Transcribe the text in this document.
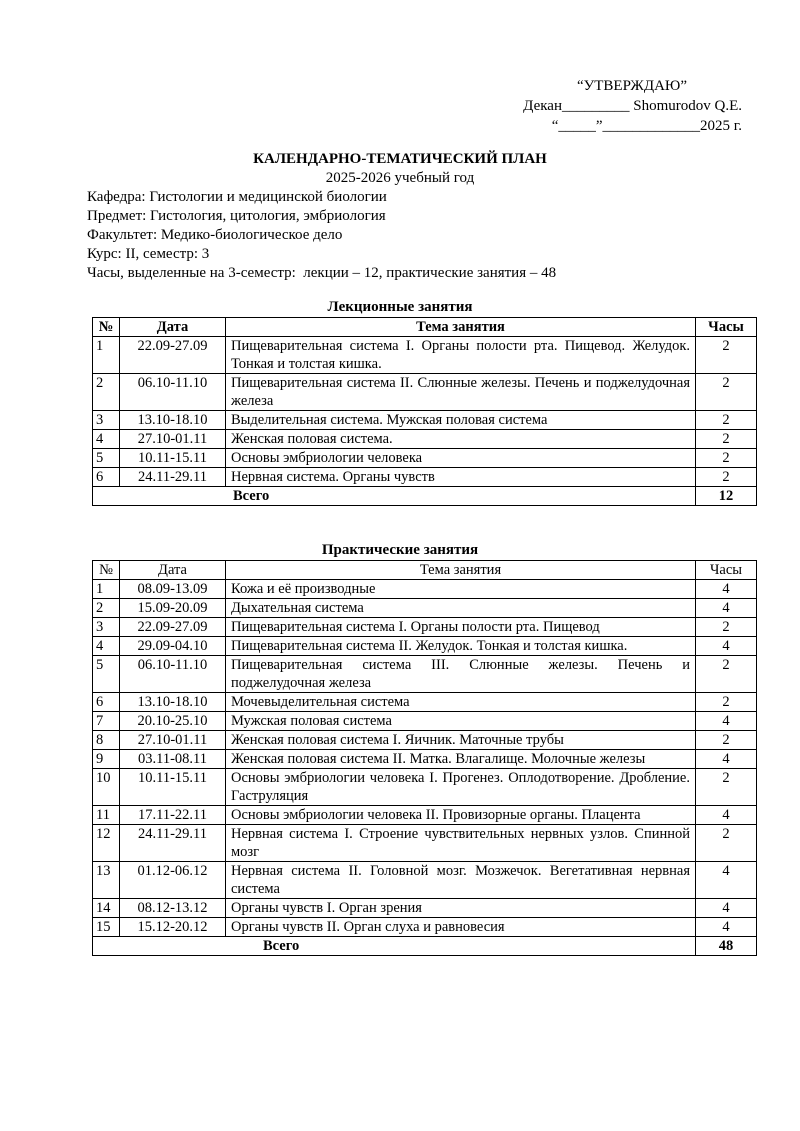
“УТВЕРЖДАЮ”
Декан_________ Shomurodov Q.E.
“_____”_____________2025 г.
КАЛЕНДАРНО-ТЕМАТИЧЕСКИЙ ПЛАН
2025-2026 учебный год
Кафедра: Гистологии и медицинской биологии
Предмет: Гистология, цитология, эмбриология
Факультет: Медико-биологическое дело
Курс: II, семестр: 3
Часы, выделенные на 3-семестр:  лекции – 12, практические занятия – 48
Лекционные занятия
№	Дата	Тема занятия	Часы
1	22.09-27.09	Пищеварительная система I. Органы полости рта. Пищевод. Желудок. Тонкая и толстая кишка.	2
2	06.10-11.10	Пищеварительная система II. Слюнные железы. Печень и поджелудочная железа	2
3	13.10-18.10	Выделительная система. Мужская половая система	2
4	27.10-01.11	Женская половая система.	2
5	10.11-15.11	Основы эмбриологии человека	2
6	24.11-29.11	Нервная система. Органы чувств	2
Всего			12
Практические занятия
№	Дата	Тема занятия	Часы
1	08.09-13.09	Кожа и её производные	4
2	15.09-20.09	Дыхательная система	4
3	22.09-27.09	Пищеварительная система I. Органы полости рта. Пищевод	2
4	29.09-04.10	Пищеварительная система II. Желудок. Тонкая и толстая кишка.	4
5	06.10-11.10	Пищеварительная система III. Слюнные железы. Печень и поджелудочная железа	2
6	13.10-18.10	Мочевыделительная система	2
7	20.10-25.10	Мужская половая система	4
8	27.10-01.11	Женская половая система I. Яичник. Маточные трубы	2
9	03.11-08.11	Женская половая система II. Матка. Влагалище. Молочные железы	4
10	10.11-15.11	Основы эмбриологии человека I. Прогенез. Оплодотворение. Дробление. Гаструляция	2
11	17.11-22.11	Основы эмбриологии человека II. Провизорные органы. Плацента	4
12	24.11-29.11	Нервная система I. Строение чувствительных нервных узлов. Спинной мозг	2
13	01.12-06.12	Нервная система II. Головной мозг. Мозжечок. Вегетативная нервная система	4
14	08.12-13.12	Органы чувств I. Орган зрения	4
15	15.12-20.12	Органы чувств II. Орган слуха и равновесия	4
Всего			48
